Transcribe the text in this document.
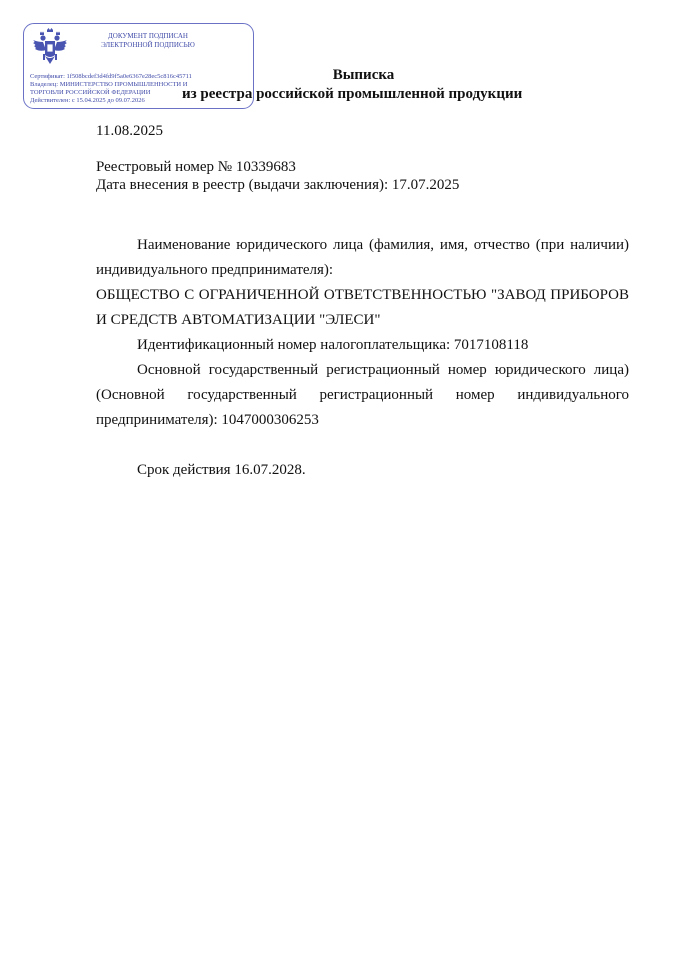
ДОКУМЕНТ ПОДПИСАН ЭЛЕКТРОННОЙ ПОДПИСЬЮ
Сертификат: 1f508bcdef3d4fd9f5a0e6367e28ec5c816c45711
Владелец: МИНИСТЕРСТВО ПРОМЫШЛЕННОСТИ И
ТОРГОВЛИ РОССИЙСКОЙ ФЕДЕРАЦИИ
Действителен: с 15.04.2025 до 09.07.2026
Выписка
из реестра российской промышленной продукции
11.08.2025
Реестровый номер № 10339683
Дата внесения в реестр (выдачи заключения): 17.07.2025
Наименование юридического лица (фамилия, имя, отчество (при наличии) индивидуального предпринимателя):
ОБЩЕСТВО С ОГРАНИЧЕННОЙ ОТВЕТСТВЕННОСТЬЮ "ЗАВОД ПРИБОРОВ И СРЕДСТВ АВТОМАТИЗАЦИИ "ЭЛЕСИ"
Идентификационный номер налогоплательщика: 7017108118
Основной государственный регистрационный номер юридического лица) (Основной государственный регистрационный номер индивидуального предпринимателя): 1047000306253
Срок действия 16.07.2028.
